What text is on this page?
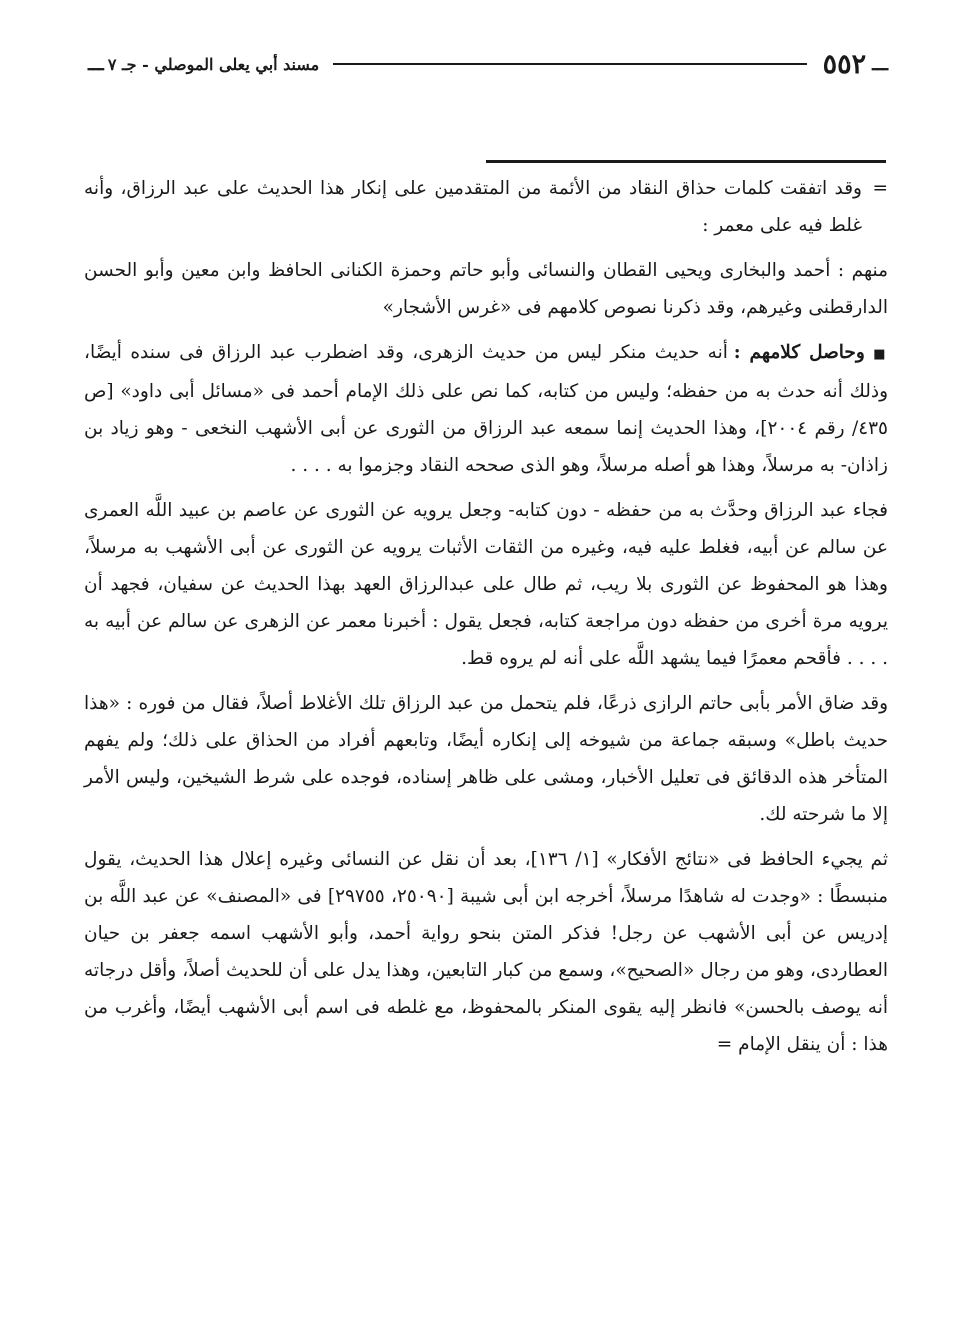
ـــ
٥٥٢
مسند أبي يعلى الموصلي - جـ ٧
ـــ

=
وقد اتفقت كلمات حذاق النقاد من الأئمة من المتقدمين على إنكار هذا الحديث على عبد الرزاق، وأنه غلط فيه على معمر :

منهم : أحمد والبخارى ويحيى القطان والنسائى وأبو حاتم وحمزة الكنانى الحافظ وابن معين وأبو الحسن الدارقطنى وغيرهم، وقد ذكرنا نصوص كلامهم فى «غرس الأشجار»

■ وحاصل كلامهم : أنه حديث منكر ليس من حديث الزهرى، وقد اضطرب عبد الرزاق فى سنده أيضًا، وذلك أنه حدث به من حفظه؛ وليس من كتابه، كما نص على ذلك الإمام أحمد فى «مسائل أبى داود» [ص ٤٣٥/ رقم ٢٠٠٤]، وهذا الحديث إنما سمعه عبد الرزاق من الثورى عن أبى الأشهب النخعى - وهو زياد بن زاذان- به مرسلاً، وهذا هو أصله مرسلاً، وهو الذى صححه النقاد وجزموا به . . . .

فجاء عبد الرزاق وحدَّث به من حفظه - دون كتابه- وجعل يرويه عن الثورى عن عاصم بن عبيد اللَّه العمرى عن سالم عن أبيه، فغلط عليه فيه، وغيره من الثقات الأثبات يرويه عن الثورى عن أبى الأشهب به مرسلاً، وهذا هو المحفوظ عن الثورى بلا ريب، ثم طال على عبدالرزاق العهد بهذا الحديث عن سفيان، فجهد أن يرويه مرة أخرى من حفظه دون مراجعة كتابه، فجعل يقول : أخبرنا معمر عن الزهرى عن سالم عن أبيه به . . . . فأقحم معمرًا فيما يشهد اللَّه على أنه لم يروه قط.

وقد ضاق الأمر بأبى حاتم الرازى ذرعًا، فلم يتحمل من عبد الرزاق تلك الأغلاط أصلاً، فقال من فوره : «هذا حديث باطل» وسبقه جماعة من شيوخه إلى إنكاره أيضًا، وتابعهم أفراد من الحذاق على ذلك؛ ولم يفهم المتأخر هذه الدقائق فى تعليل الأخبار، ومشى على ظاهر إسناده، فوجده على شرط الشيخين، وليس الأمر إلا ما شرحته لك.

ثم يجيء الحافظ فى «نتائج الأفكار» [١/ ١٣٦]، بعد أن نقل عن النسائى وغيره إعلال هذا الحديث، يقول منبسطًا : «وجدت له شاهدًا مرسلاً، أخرجه ابن أبى شيبة [٢٥٠٩٠، ٢٩٧٥٥] فى «المصنف» عن عبد اللَّه بن إدريس عن أبى الأشهب عن رجل! فذكر المتن بنحو رواية أحمد، وأبو الأشهب اسمه جعفر بن حيان العطاردى، وهو من رجال «الصحيح»، وسمع من كبار التابعين، وهذا يدل على أن للحديث أصلاً، وأقل درجاته أنه يوصف بالحسن» فانظر إليه يقوى المنكر بالمحفوظ، مع غلطه فى اسم أبى الأشهب أيضًا، وأغرب من هذا : أن ينقل الإمام =
